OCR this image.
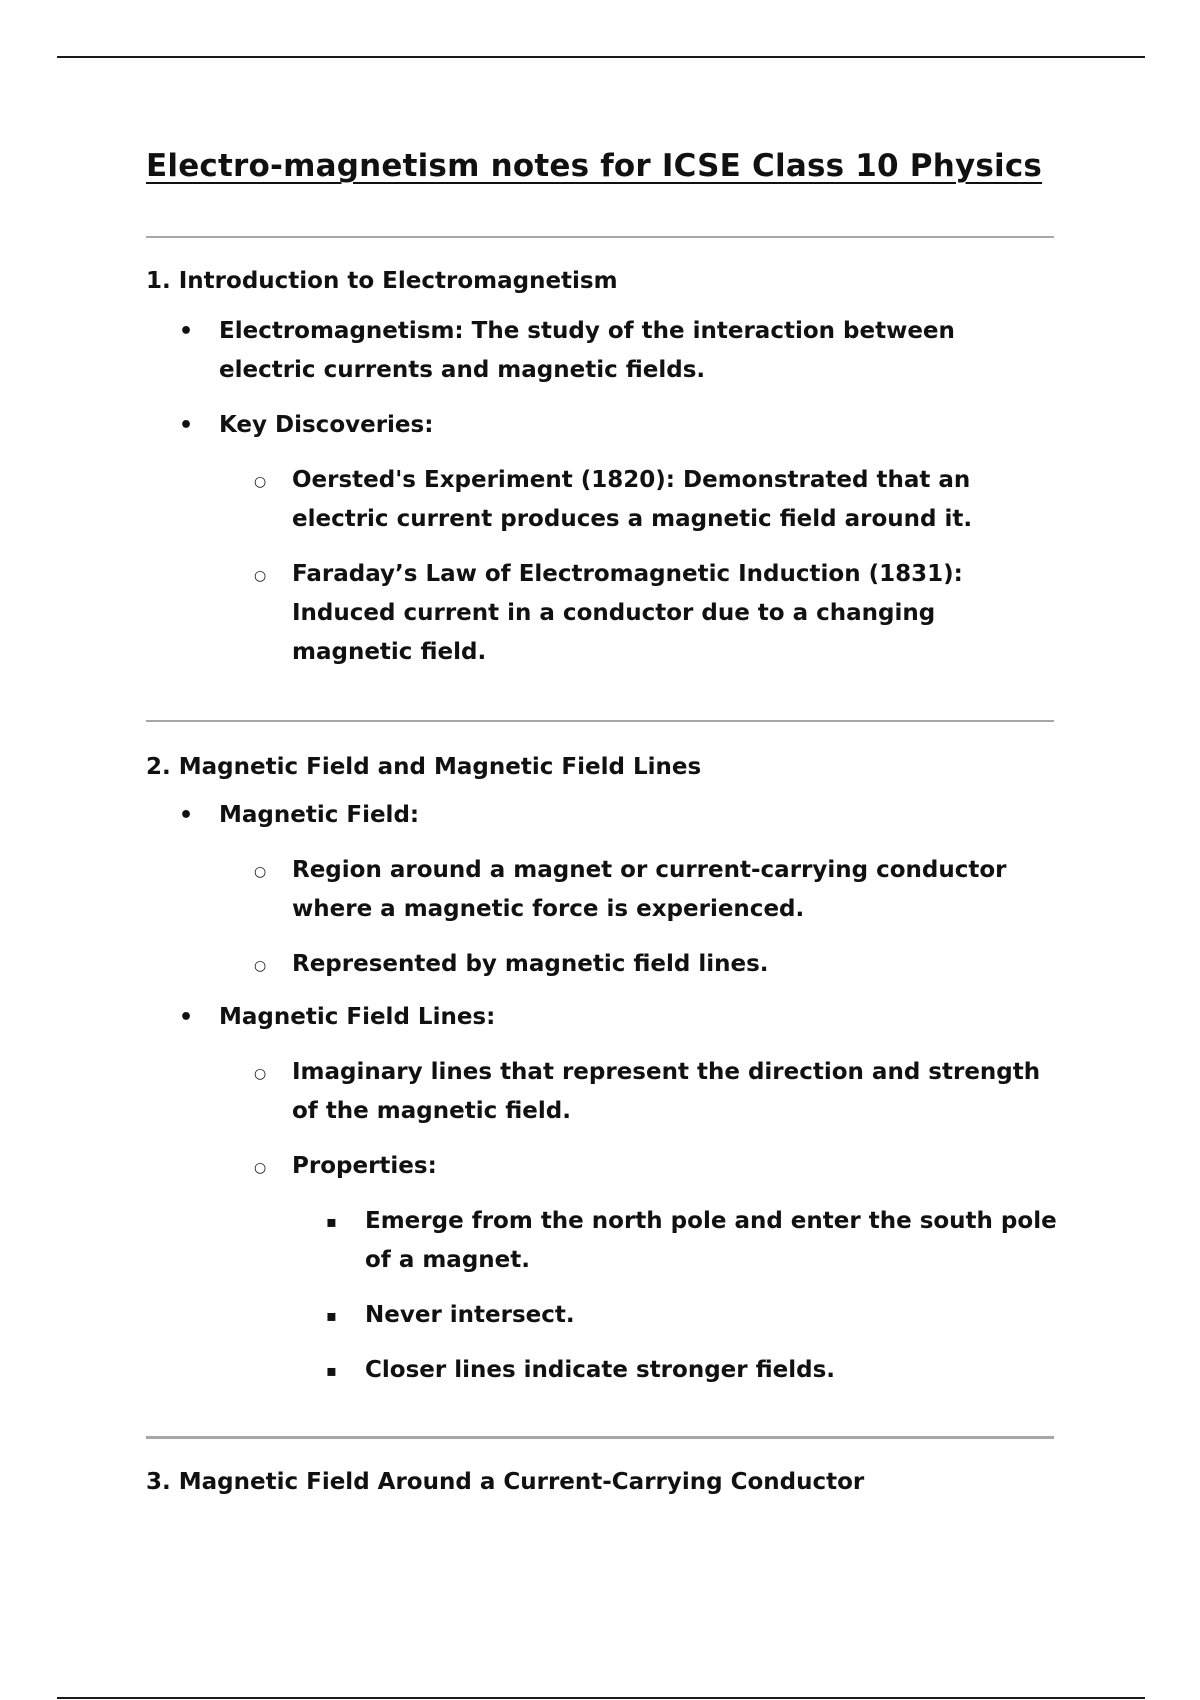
Electro-magnetism notes for ICSE Class 10 Physics
1. Introduction to Electromagnetism
• Electromagnetism: The study of the interaction between electric currents and magnetic fields.
• Key Discoveries:
○ Oersted's Experiment (1820): Demonstrated that an electric current produces a magnetic field around it.
○ Faraday’s Law of Electromagnetic Induction (1831): Induced current in a conductor due to a changing magnetic field.
2. Magnetic Field and Magnetic Field Lines
• Magnetic Field:
○ Region around a magnet or current-carrying conductor where a magnetic force is experienced.
○ Represented by magnetic field lines.
• Magnetic Field Lines:
○ Imaginary lines that represent the direction and strength of the magnetic field.
○ Properties:
▪ Emerge from the north pole and enter the south pole of a magnet.
▪ Never intersect.
▪ Closer lines indicate stronger fields.
3. Magnetic Field Around a Current-Carrying Conductor
